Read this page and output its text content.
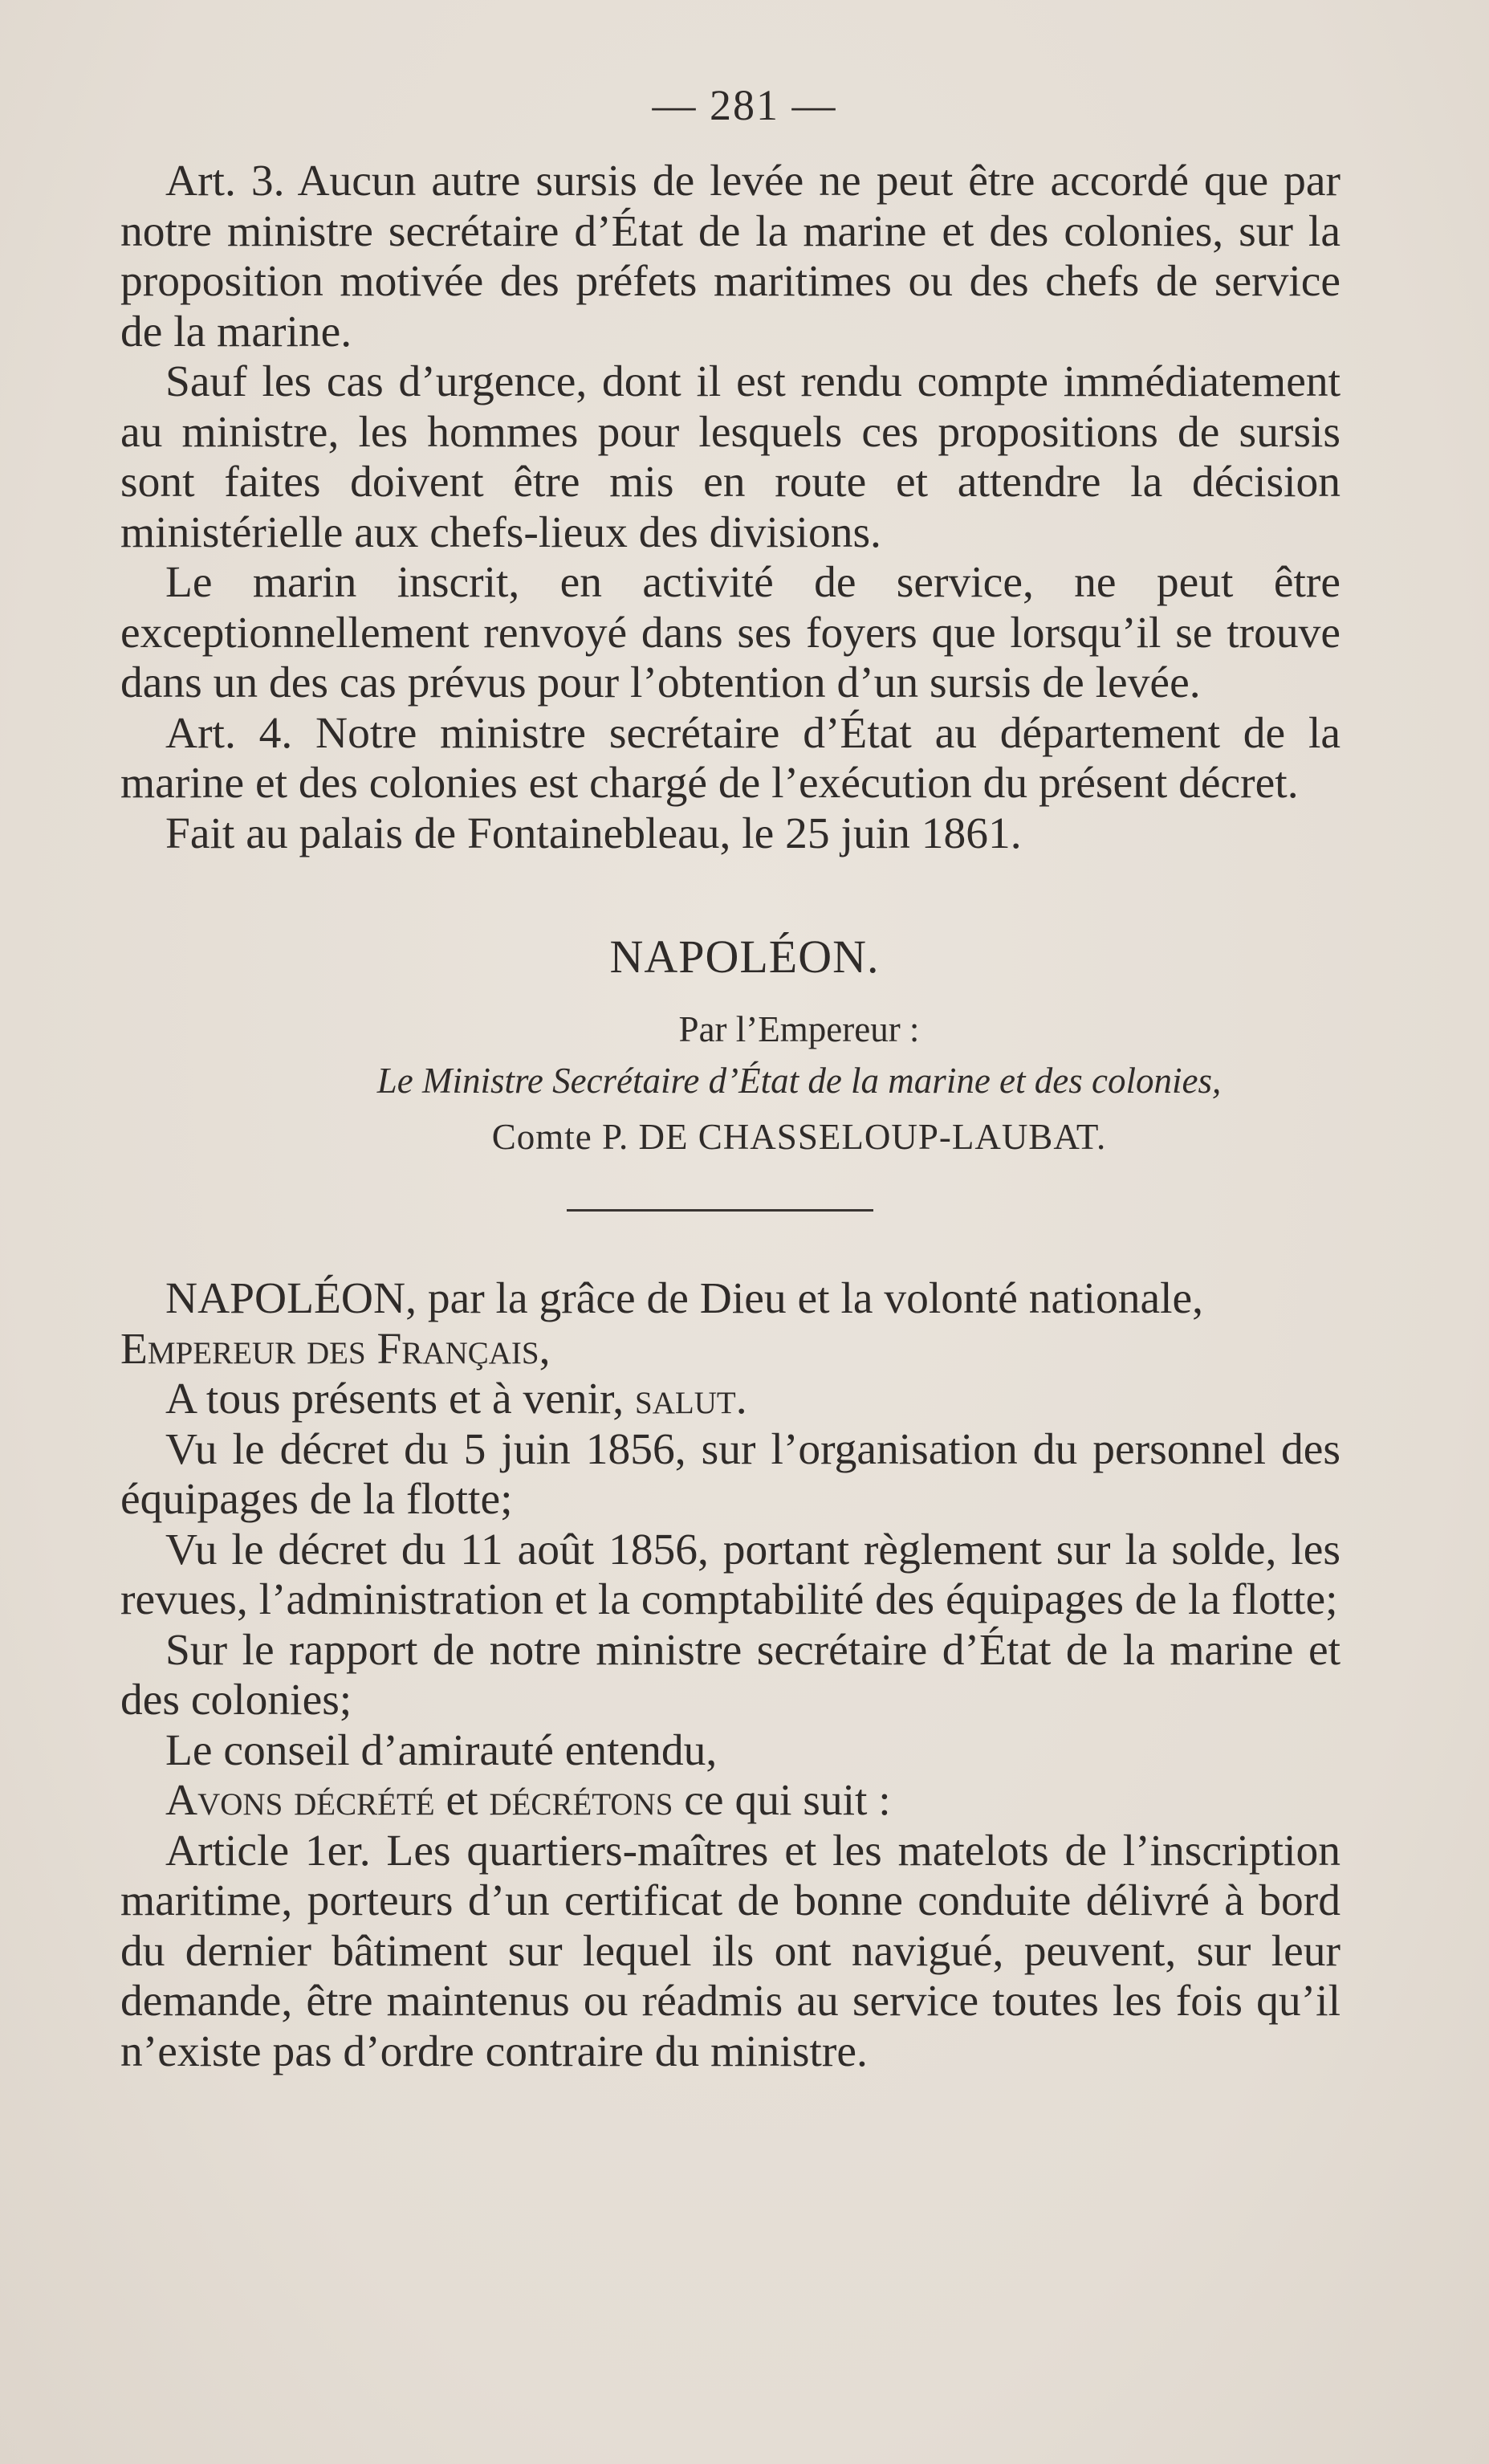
— 281 —

Art. 3. Aucun autre sursis de levée ne peut être accordé que par notre ministre secrétaire d’État de la marine et des colonies, sur la proposition motivée des préfets maritimes ou des chefs de service de la marine.

Sauf les cas d’urgence, dont il est rendu compte immédiatement au ministre, les hommes pour lesquels ces propositions de sursis sont faites doivent être mis en route et attendre la décision ministérielle aux chefs-lieux des divisions.

Le marin inscrit, en activité de service, ne peut être exceptionnellement renvoyé dans ses foyers que lorsqu’il se trouve dans un des cas prévus pour l’obtention d’un sursis de levée.

Art. 4. Notre ministre secrétaire d’État au département de la marine et des colonies est chargé de l’exécution du présent décret.

Fait au palais de Fontainebleau, le 25 juin 1861.

NAPOLÉON.
Par l’Empereur :
Le Ministre Secrétaire d’État de la marine et des colonies,
Comte P. DE CHASSELOUP-LAUBAT.

NAPOLÉON, par la grâce de Dieu et la volonté nationale,
Empereur des Français,

A tous présents et à venir, salut.

Vu le décret du 5 juin 1856, sur l’organisation du personnel des équipages de la flotte;

Vu le décret du 11 août 1856, portant règlement sur la solde, les revues, l’administration et la comptabilité des équipages de la flotte;

Sur le rapport de notre ministre secrétaire d’État de la marine et des colonies;

Le conseil d’amirauté entendu,

Avons décrété et décrétons ce qui suit :

Article 1er. Les quartiers-maîtres et les matelots de l’inscription maritime, porteurs d’un certificat de bonne conduite délivré à bord du dernier bâtiment sur lequel ils ont navigué, peuvent, sur leur demande, être maintenus ou réadmis au service toutes les fois qu’il n’existe pas d’ordre contraire du ministre.
